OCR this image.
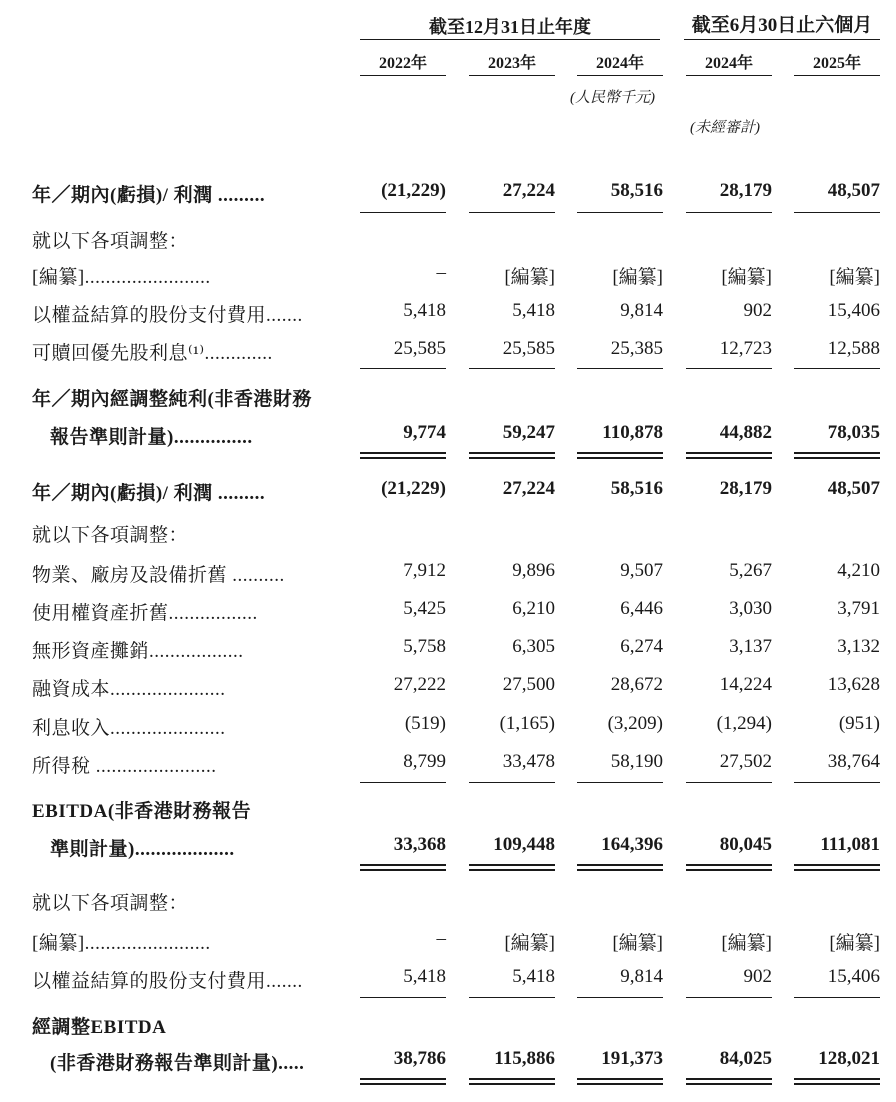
截至12月31日止年度	截至6月30日止六個月
2022年	2023年	2024年	2024年	2025年
(人民幣千元)
(未經審計)
年／期內(虧損)/ 利潤 .........	(21,229)	27,224	58,516	28,179	48,507
就以下各項調整：
[編纂]........................	–	[編纂]	[編纂]	[編纂]	[編纂]
以權益結算的股份支付費用.......	5,418	5,418	9,814	902	15,406
可贖回優先股利息⁽¹⁾.............	25,585	25,585	25,385	12,723	12,588
年／期內經調整純利(非香港財務
報告準則計量)...............	9,774	59,247	110,878	44,882	78,035
年／期內(虧損)/ 利潤 .........	(21,229)	27,224	58,516	28,179	48,507
就以下各項調整：
物業、廠房及設備折舊 ..........	7,912	9,896	9,507	5,267	4,210
使用權資產折舊.................	5,425	6,210	6,446	3,030	3,791
無形資產攤銷..................	5,758	6,305	6,274	3,137	3,132
融資成本......................	27,222	27,500	28,672	14,224	13,628
利息收入......................	(519)	(1,165)	(3,209)	(1,294)	(951)
所得稅 .......................	8,799	33,478	58,190	27,502	38,764
EBITDA(非香港財務報告
準則計量)...................	33,368	109,448	164,396	80,045	111,081
就以下各項調整：
[編纂]........................	–	[編纂]	[編纂]	[編纂]	[編纂]
以權益結算的股份支付費用.......	5,418	5,418	9,814	902	15,406
經調整EBITDA
(非香港財務報告準則計量).....	38,786	115,886	191,373	84,025	128,021
